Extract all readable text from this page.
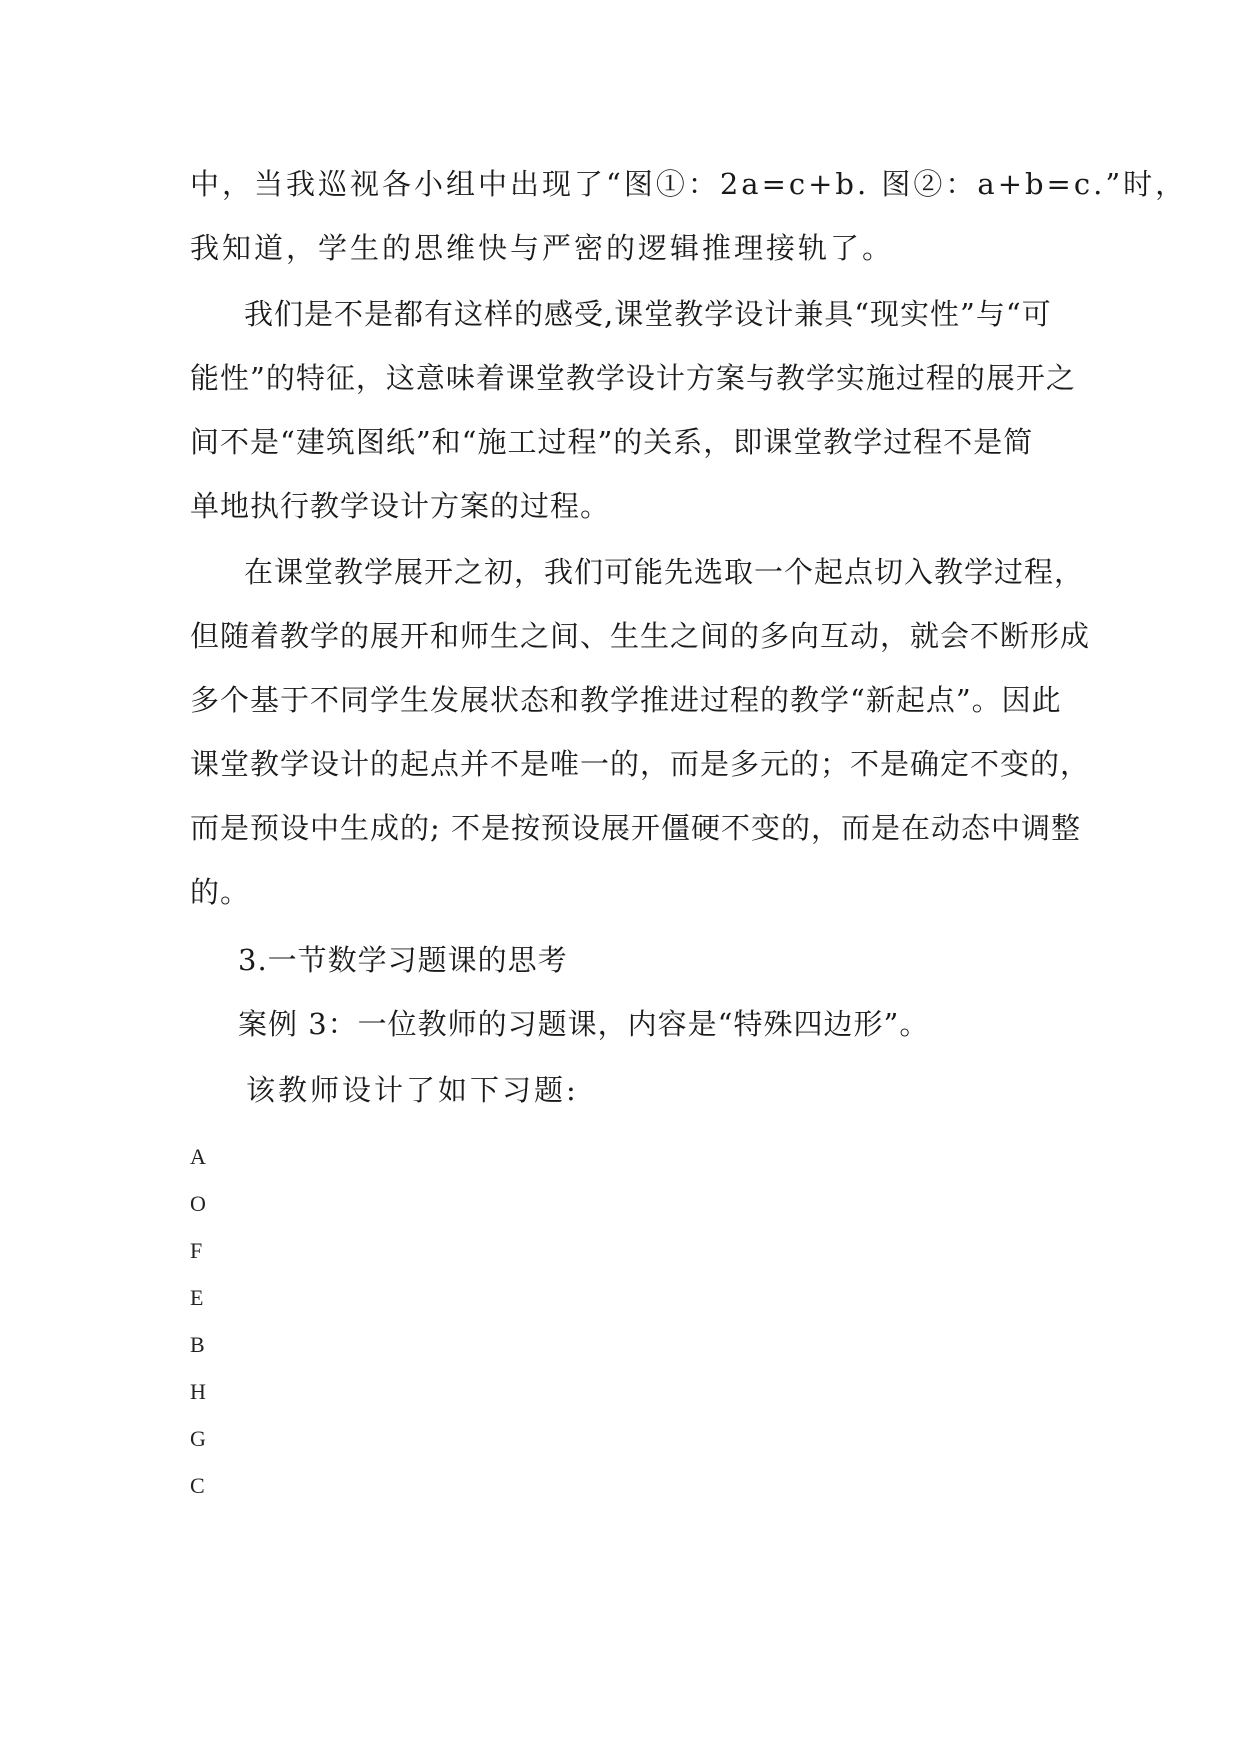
中，当我巡视各小组中出现了“图①：2a=c+b. 图②：a+b=c.”时，

我知道，学生的思维快与严密的逻辑推理接轨了。

我们是不是都有这样的感受,课堂教学设计兼具“现实性”与“可

能性”的特征，这意味着课堂教学设计方案与教学实施过程的展开之

间不是“建筑图纸”和“施工过程”的关系，即课堂教学过程不是简

单地执行教学设计方案的过程。

在课堂教学展开之初，我们可能先选取一个起点切入教学过程，

但随着教学的展开和师生之间、生生之间的多向互动，就会不断形成

多个基于不同学生发展状态和教学推进过程的教学“新起点”。因此

课堂教学设计的起点并不是唯一的，而是多元的；不是确定不变的，

而是预设中生成的; 不是按预设展开僵硬不变的，而是在动态中调整

的。

3.一节数学习题课的思考

案例 3：一位教师的习题课，内容是“特殊四边形”。

该教师设计了如下习题:

A

O

F

E

B

H

G

C
